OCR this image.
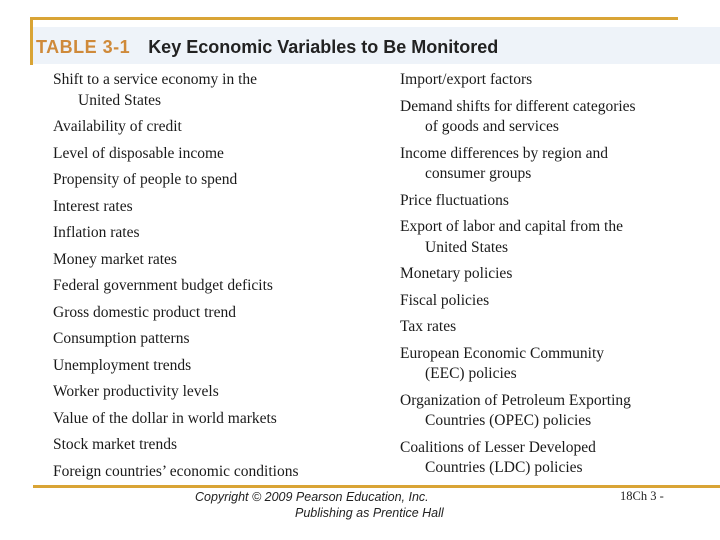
TABLE 3-1 Key Economic Variables to Be Monitored
Shift to a service economy in the
United States
Availability of credit
Level of disposable income
Propensity of people to spend
Interest rates
Inflation rates
Money market rates
Federal government budget deficits
Gross domestic product trend
Consumption patterns
Unemployment trends
Worker productivity levels
Value of the dollar in world markets
Stock market trends
Foreign countries’ economic conditions
Import/export factors
Demand shifts for different categories
of goods and services
Income differences by region and
consumer groups
Price fluctuations
Export of labor and capital from the
United States
Monetary policies
Fiscal policies
Tax rates
European Economic Community
(EEC) policies
Organization of Petroleum Exporting
Countries (OPEC) policies
Coalitions of Lesser Developed
Countries (LDC) policies
Copyright © 2009 Pearson Education, Inc.
Publishing as Prentice Hall
18Ch 3 -
